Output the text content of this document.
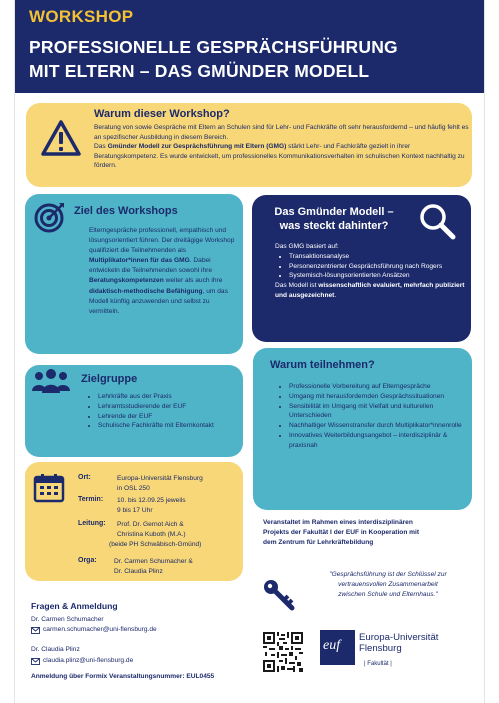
WORKSHOP
PROFESSIONELLE GESPRÄCHSFÜHRUNG
MIT ELTERN – DAS GMÜNDER MODELL
Warum dieser Workshop?
Beratung von sowie Gespräche mit Eltern an Schulen sind für Lehr- und Fachkräfte oft sehr herausfordernd – und häufig fehlt es an spezifischer Ausbildung in diesem Bereich.
Das Gmünder Modell zur Gesprächsführung mit Eltern (GMG) stärkt Lehr- und Fachkräfte gezielt in ihrer Beratungskompetenz. Es wurde entwickelt, um professionelles Kommunikationsverhalten im schulischen Kontext nachhaltig zu fördern.
Ziel des Workshops
Elterngespräche professionell, empathisch und lösungsorientiert führen. Der dreitägige Workshop qualifiziert die Teilnehmenden als Multiplikator*innen für das GMG. Dabei entwickeln die Teilnehmenden sowohl ihre Beratungskompetenzen weiter als auch ihre didaktisch-methodische Befähigung, um das Modell künftig anzuwenden und selbst zu vermitteln.
Das Gmünder Modell –
was steckt dahinter?
Das GMG basiert auf:
• Transaktionsanalyse
• Personenzentrierter Gesprächsführung nach Rogers
• Systemisch-lösungsorientierten Ansätzen
Das Modell ist wissenschaftlich evaluiert, mehrfach publiziert und ausgezeichnet.
Warum teilnehmen?
• Professionelle Vorbereitung auf Elterngespräche
• Umgang mit herausfordernden Gesprächssituationen
• Sensibilität im Umgang mit Vielfalt und kulturellen Unterschieden
• Nachhaltiger Wissenstransfer durch Multiplikator*innenrolle
• Innovatives Weiterbildungsangebot – interdisziplinär & praxisnah
Zielgruppe
• Lehrkräfte aus der Praxis
• Lehramtsstudierende der EUF
• Lehrende der EUF
• Schulische Fachkräfte mit Elternkontakt
Ort:	Europa-Universität Flensburg
in OSL 250
Termin: 10. bis 12.09.25 jeweils
9 bis 17 Uhr
Leitung: Prof. Dr. Gernot Aich &
Christina Kuboth (M.A.)
(beide PH Schwäbisch-Gmünd)
Orga:	Dr. Carmen Schumacher &
Dr. Claudia Plinz
Veranstaltet im Rahmen eines interdisziplinären
Projekts der Fakultät I der EUF in Kooperation mit
dem Zentrum für Lehrkräftebildung
"Gesprächsführung ist der Schlüssel zur
vertrauensvollen Zusammenarbeit
zwischen Schule und Elternhaus."
Fragen & Anmeldung
Dr. Carmen Schumacher
carmen.schumacher@uni-flensburg.de
Dr. Claudia Plinz
claudia.plinz@uni-flensburg.de
Anmeldung über Formix Veranstaltungsnummer: EUL0455
euf
Europa-Universität
Flensburg
| Fakultät |
